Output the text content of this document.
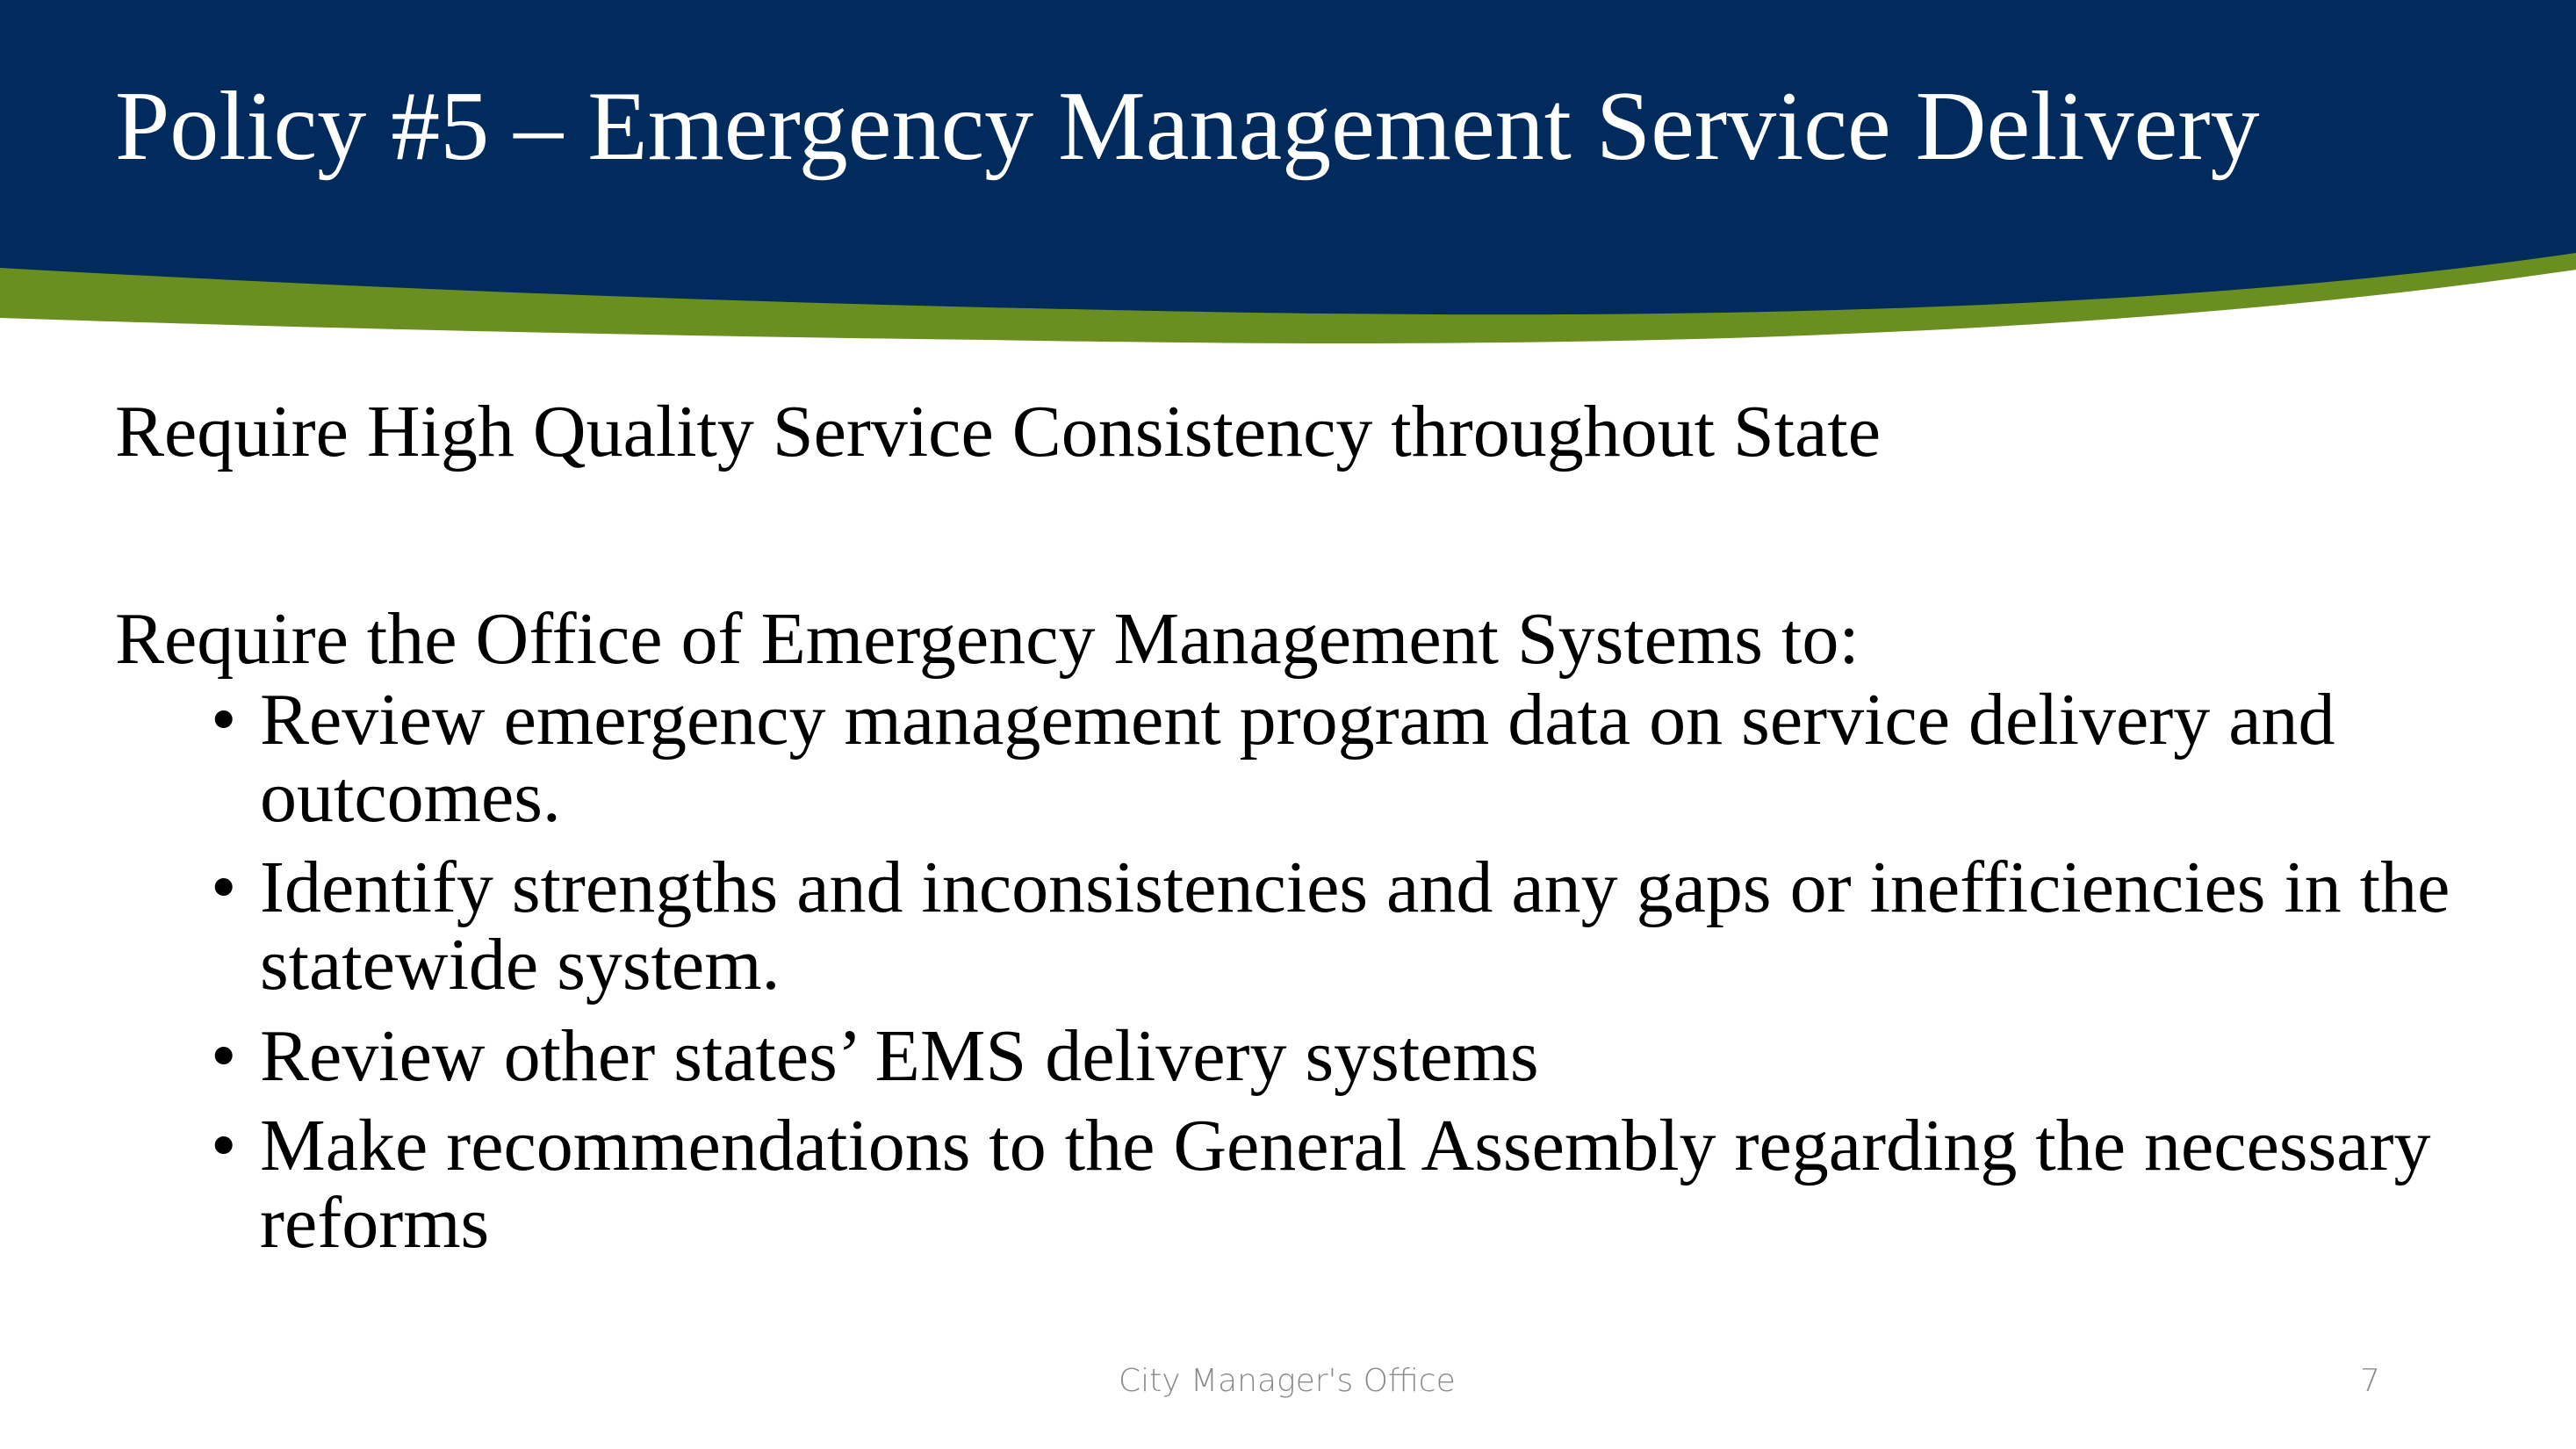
Policy #5 – Emergency Management Service Delivery
Require High Quality Service Consistency throughout State
Require the Office of Emergency Management Systems to:
• Review emergency management program data on service delivery and outcomes.
• Identify strengths and inconsistencies and any gaps or inefficiencies in the statewide system.
• Review other states’ EMS delivery systems
• Make recommendations to the General Assembly regarding the necessary reforms
City Manager's Office	7
